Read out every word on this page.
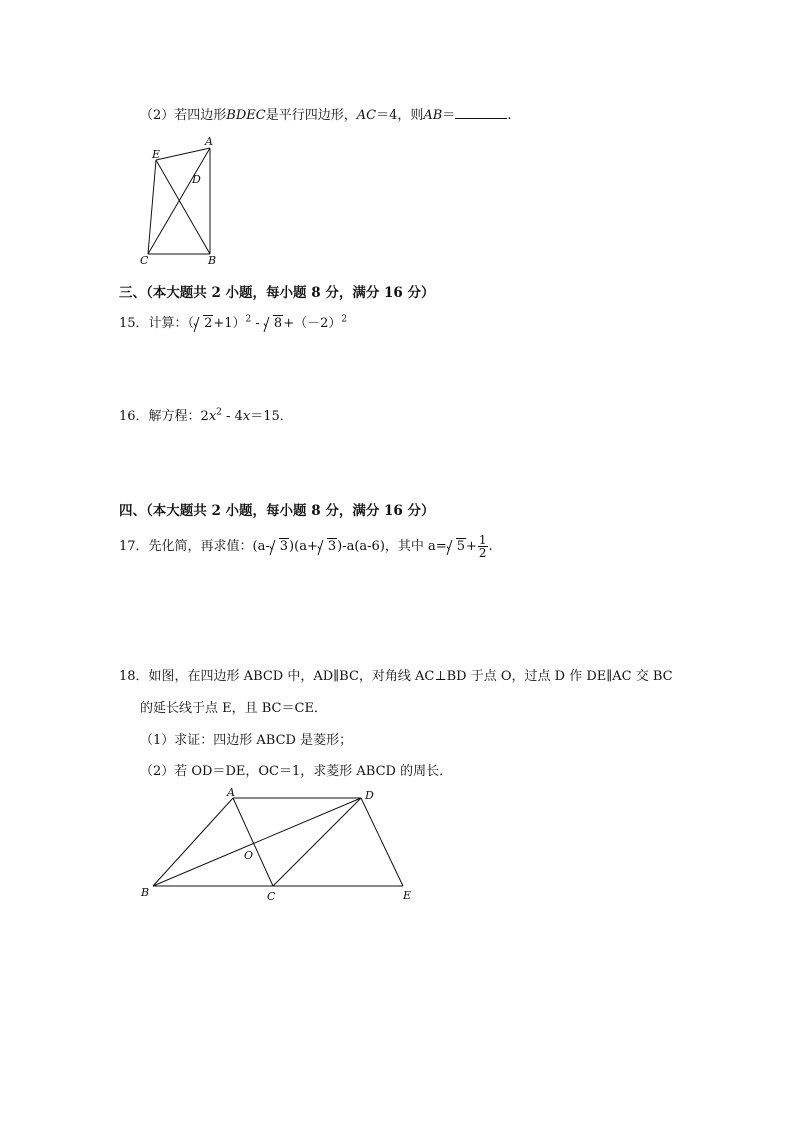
（2）若四边形BDEC是平行四边形，AC＝4，则AB＝	.
E
A
D
C	B
三、（本大题共 2 小题，每小题 8 分，满分 16 分）
15．计算：（ 2+1）$^2$ -
$8+(-2)^2$
16．解方程：$2x^2 - 4x=15$．
四、（本大题共 2 小题，每小题 8 分，满分 16 分）
17．先化简，再求值：(a- 3)(a+ 3)-a(a-6)，其中 $a= 5+ \frac{1}{2}$ .
18．如图，在四边形 ABCD 中，AD∥BC，对角线 AC⊥BD 于点 O，过点 D 作 DE∥AC 交 BC
的延长线于点 E，且 BC＝CE．
（1）求证：四边形 ABCD 是菱形；
（2）若 OD＝DE，OC＝1，求菱形 ABCD 的周长．
A	D
O
B	C	E
